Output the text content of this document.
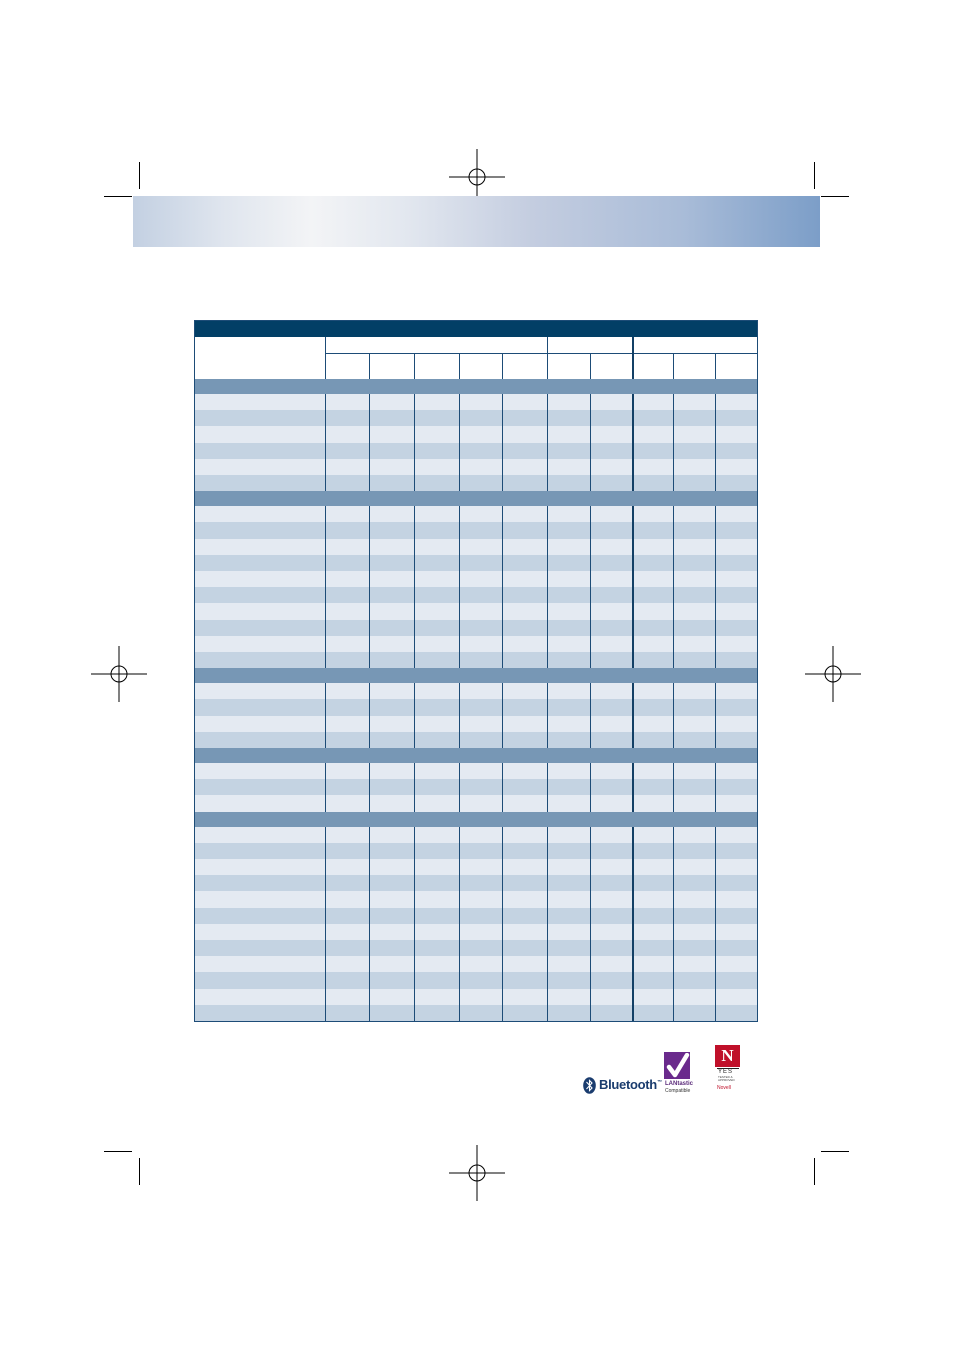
Bluetooth™ LANtastic
Compatible
N
YES
TESTED &
APPROVED
Novell
